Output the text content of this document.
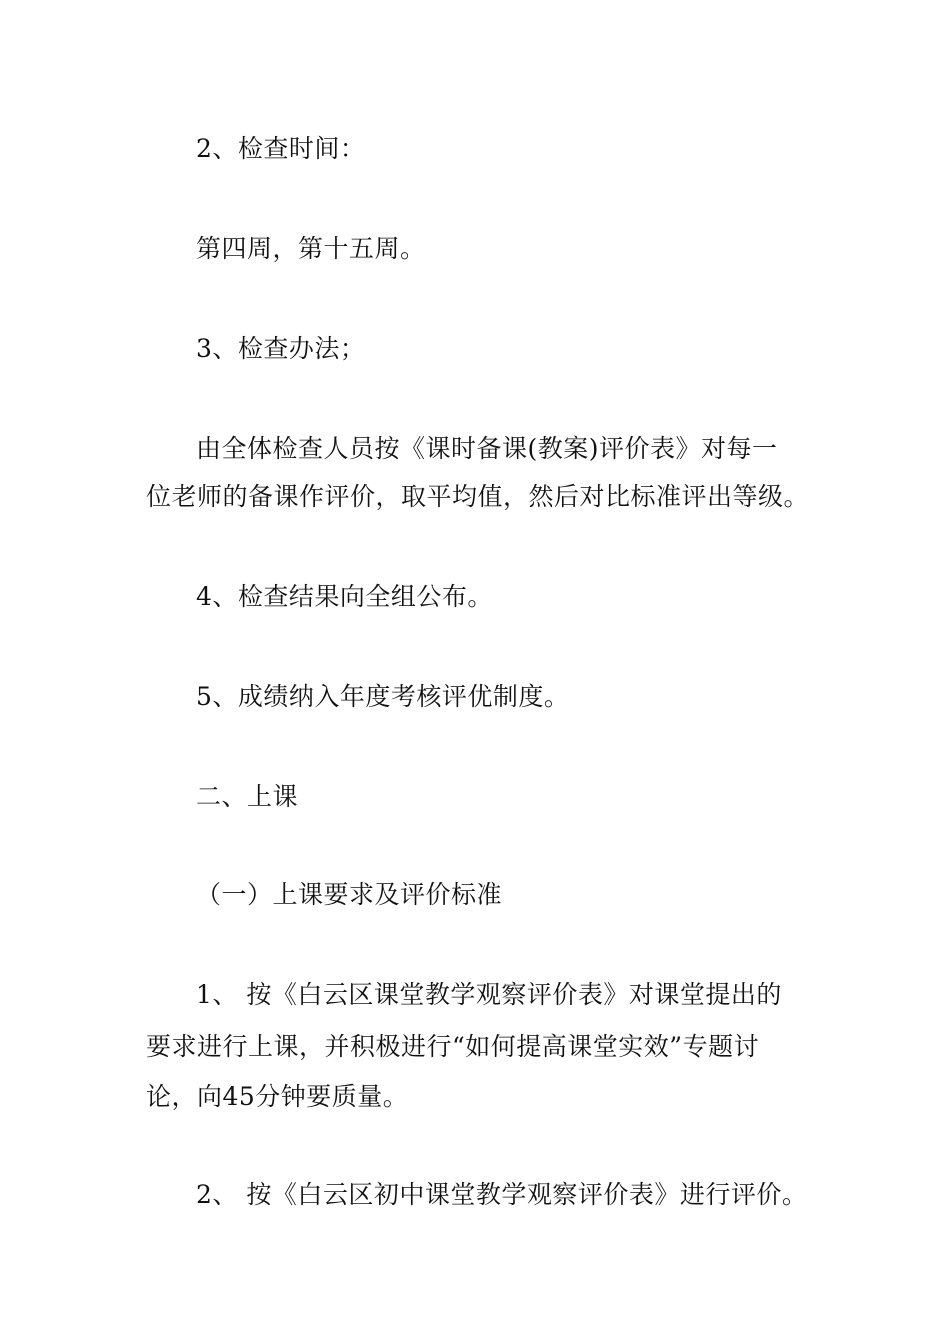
2、检查时间：
第四周，第十五周。
3、检查办法；
由全体检查人员按《课时备课(教案)评价表》对每一
位老师的备课作评价，取平均值，然后对比标准评出等级。
4、检查结果向全组公布。
5、成绩纳入年度考核评优制度。
二、上课
（一）上课要求及评价标准
1、 按《白云区课堂教学观察评价表》对课堂提出的
要求进行上课，并积极进行“如何提高课堂实效”专题讨
论，向45分钟要质量。
2、 按《白云区初中课堂教学观察评价表》进行评价。
